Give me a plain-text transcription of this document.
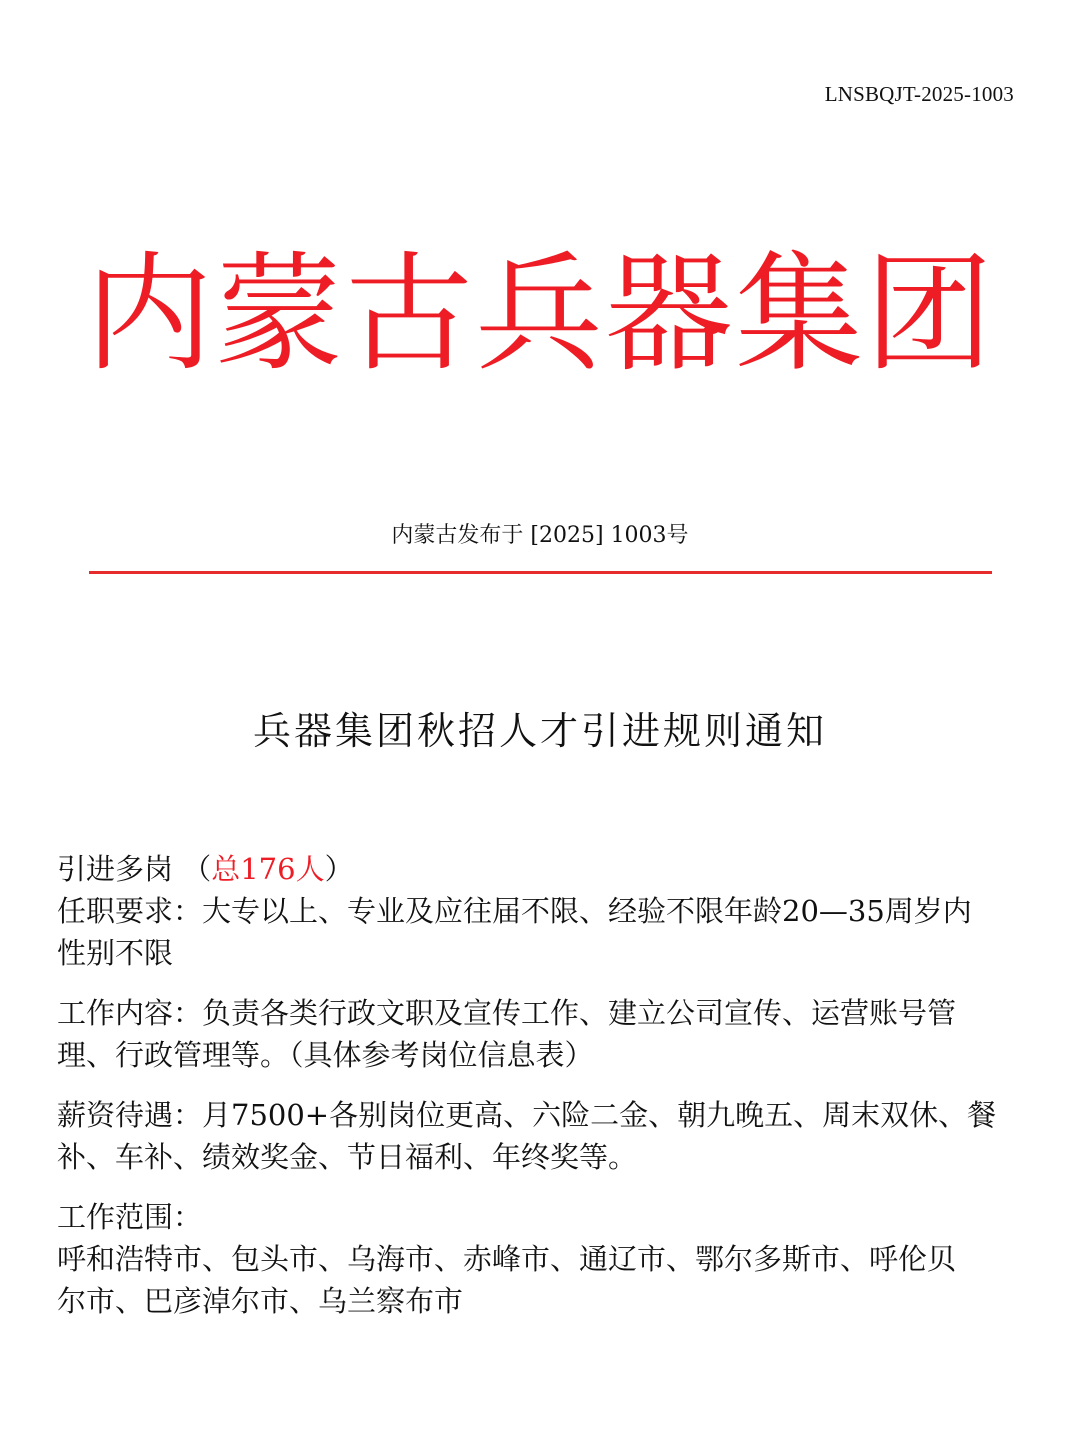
LNSBQJT-2025-1003
内蒙古兵器集团
内蒙古发布于 [2025] 1003号
兵器集团秋招人才引进规则通知

引进多岗 （总176人）

任职要求：大专以上、专业及应往届不限、经验不限年龄20—35周岁内

性别不限

工作内容：负责各类行政文职及宣传工作、建立公司宣传、运营账号管

理、行政管理等。（具体参考岗位信息表）

薪资待遇：月7500+各别岗位更高、六险二金、朝九晚五、周末双休、餐

补、车补、绩效奖金、节日福利、年终奖等。

工作范围：

呼和浩特市、包头市、乌海市、赤峰市、通辽市、鄂尔多斯市、呼伦贝

尔市、巴彦淖尔市、乌兰察布市
